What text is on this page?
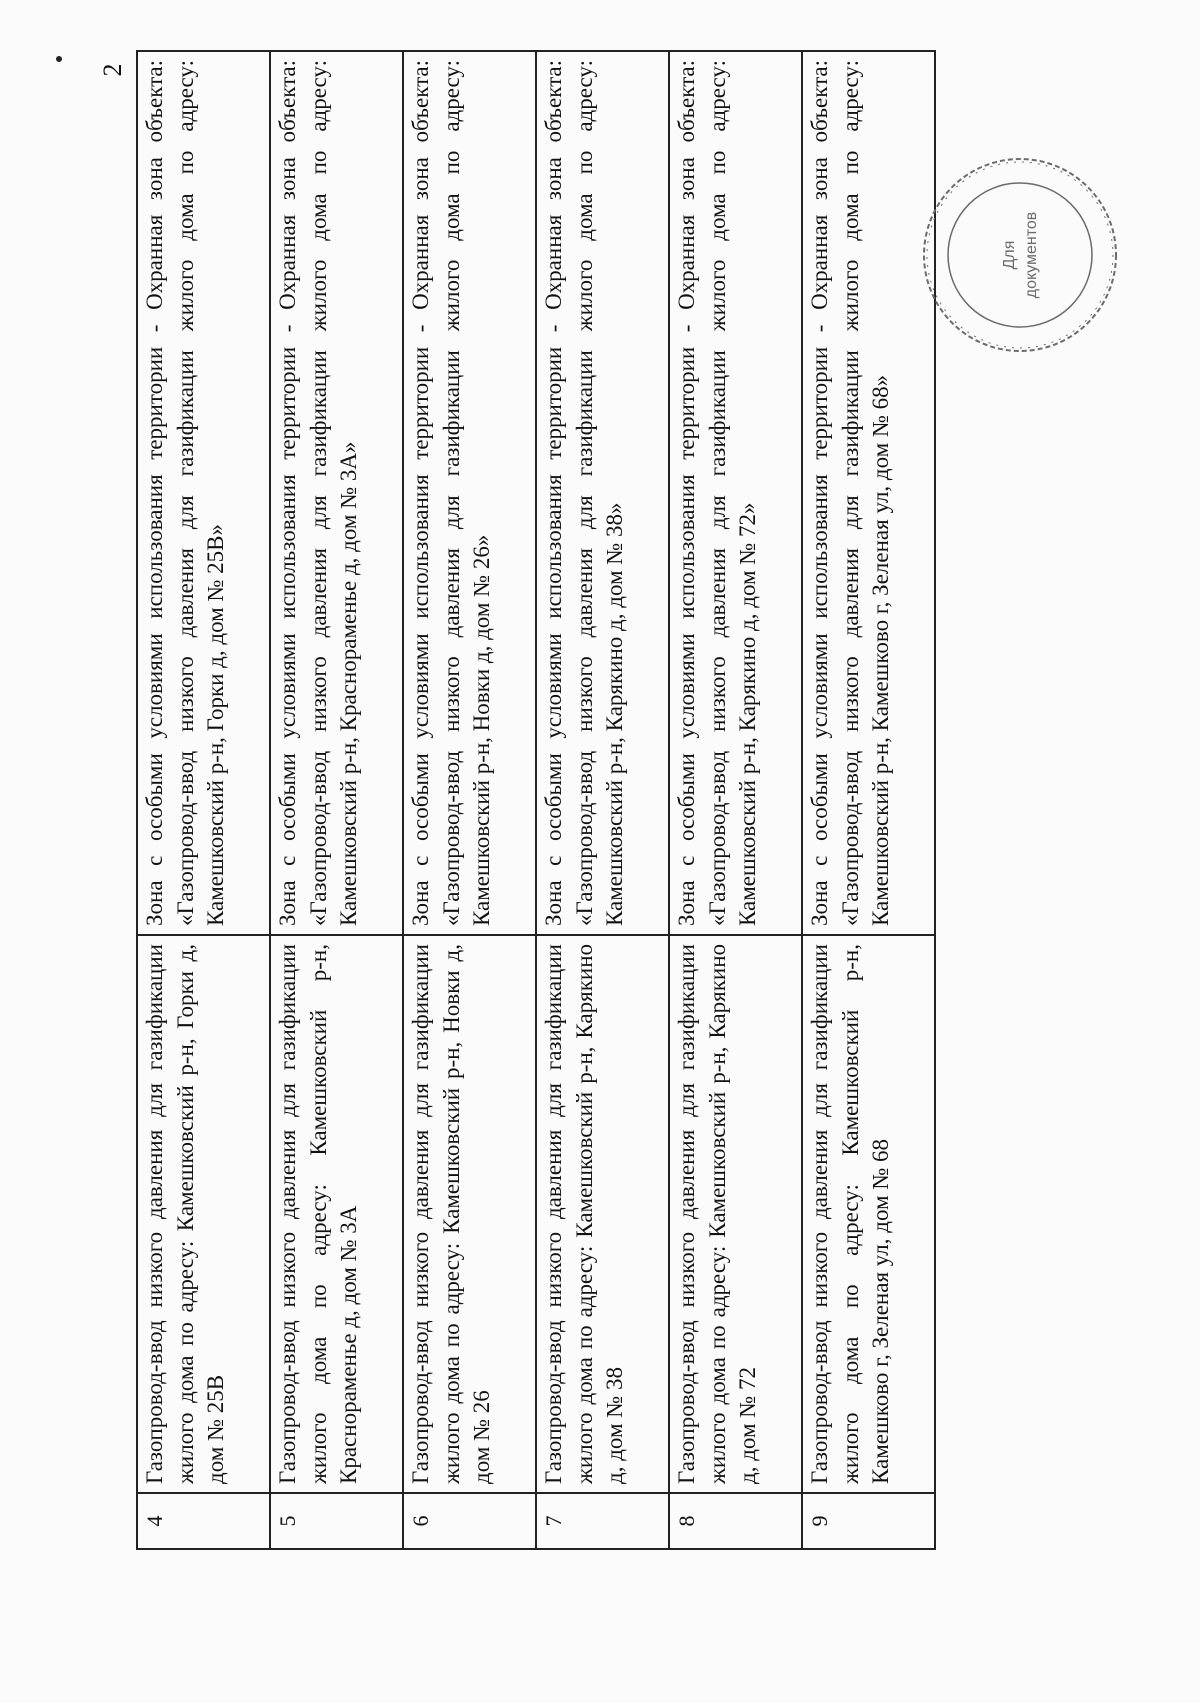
2
4	Газопровод-ввод низкого давления для газификации жилого дома по адресу: Камешковский р-н, Горки д, дом № 25В	Зона с особыми условиями использования территории - Охранная зона объекта: «Газопровод-ввод низкого давления для газификации жилого дома по адресу: Камешковский р-н, Горки д, дом № 25В»
5	Газопровод-ввод низкого давления для газификации жилого дома по адресу: Камешковский р-н, Краснораменье д, дом № 3А	Зона с особыми условиями использования территории - Охранная зона объекта: «Газопровод-ввод низкого давления для газификации жилого дома по адресу: Камешковский р-н, Краснораменье д, дом № 3А»
6	Газопровод-ввод низкого давления для газификации жилого дома по адресу: Камешковский р-н, Новки д, дом № 26	Зона с особыми условиями использования территории - Охранная зона объекта: «Газопровод-ввод низкого давления для газификации жилого дома по адресу: Камешковский р-н, Новки д, дом № 26»
7	Газопровод-ввод низкого давления для газификации жилого дома по адресу: Камешковский р-н, Карякино д, дом № 38	Зона с особыми условиями использования территории - Охранная зона объекта: «Газопровод-ввод низкого давления для газификации жилого дома по адресу: Камешковский р-н, Карякино д, дом № 38»
8	Газопровод-ввод низкого давления для газификации жилого дома по адресу: Камешковский р-н, Карякино д, дом № 72	Зона с особыми условиями использования территории - Охранная зона объекта: «Газопровод-ввод низкого давления для газификации жилого дома по адресу: Камешковский р-н, Карякино д, дом № 72»
9	Газопровод-ввод низкого давления для газификации жилого дома по адресу: Камешковский р-н, Камешково г, Зеленая ул, дом № 68	Зона с особыми условиями использования территории - Охранная зона объекта: «Газопровод-ввод низкого давления для газификации жилого дома по адресу: Камешковский р-н, Камешково г, Зеленая ул, дом № 68»
Для документов
